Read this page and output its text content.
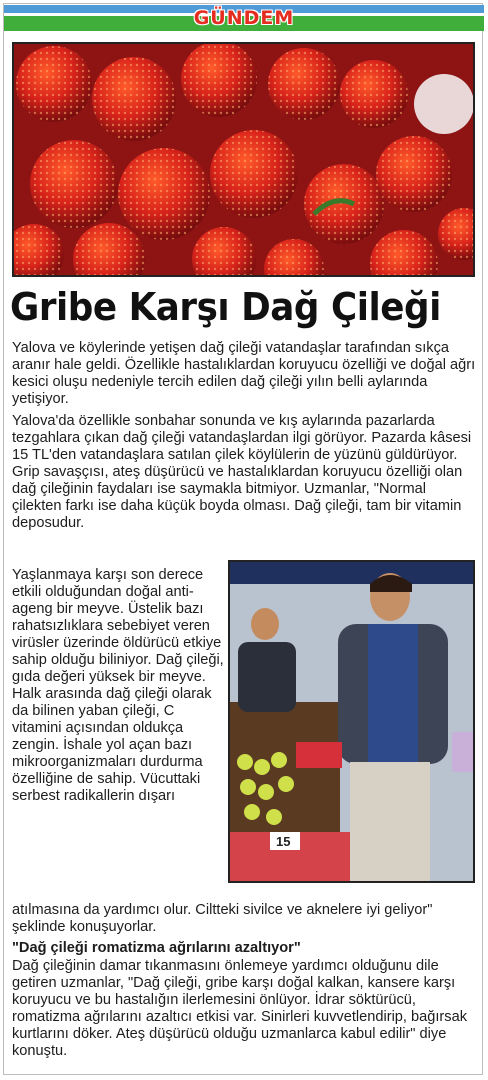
GÜNDEM
Gribe Karşı Dağ Çileği
Yalova ve köylerinde yetişen dağ çileği vatandaşlar tarafından sıkça aranır hale geldi. Özellikle hastalıklardan koruyucu özelliği ve doğal ağrı kesici oluşu nedeniyle tercih edilen dağ çileği yılın belli aylarında yetişiyor.
Yalova'da özellikle sonbahar sonunda ve kış aylarında pazarlarda tezgahlara çıkan dağ çileği vatandaşlardan ilgi görüyor. Pazarda kâsesi 15 TL'den vatandaşlara satılan çilek köylülerin de yüzünü güldürüyor. Grip savaşçısı, ateş düşürücü ve hastalıklardan koruyucu özelliği olan dağ çileğinin faydaları ise saymakla bitmiyor. Uzmanlar, "Normal çilekten farkı ise daha küçük boyda olması. Dağ çileği, tam bir vitamin deposudur.
Yaşlanmaya karşı son derece etkili olduğundan doğal anti-ageng bir meyve. Üstelik bazı rahatsızlıklara sebebiyet veren virüsler üzerinde öldürücü etkiye sahip olduğu biliniyor. Dağ çileği, gıda değeri yüksek bir meyve. Halk arasında dağ çileği olarak da bilinen yaban çileği, C vitamini açısından oldukça zengin. İshale yol açan bazı mikroorganizmaları durdurma özelliğine de sahip. Vücuttaki serbest radikallerin dışarı
15
atılmasına da yardımcı olur. Ciltteki sivilce ve aknelere iyi geliyor" şeklinde konuşuyorlar.
"Dağ çileği romatizma ağrılarını azaltıyor"
Dağ çileğinin damar tıkanmasını önlemeye yardımcı olduğunu dile getiren uzmanlar, "Dağ çileği, gribe karşı doğal kalkan, kansere karşı koruyucu ve bu hastalığın ilerlemesini önlüyor. İdrar söktürücü, romatizma ağrılarını azaltıcı etkisi var. Sinirleri kuvvetlendirip, bağırsak kurtlarını döker. Ateş düşürücü olduğu uzmanlarca kabul edilir" diye konuştu.
